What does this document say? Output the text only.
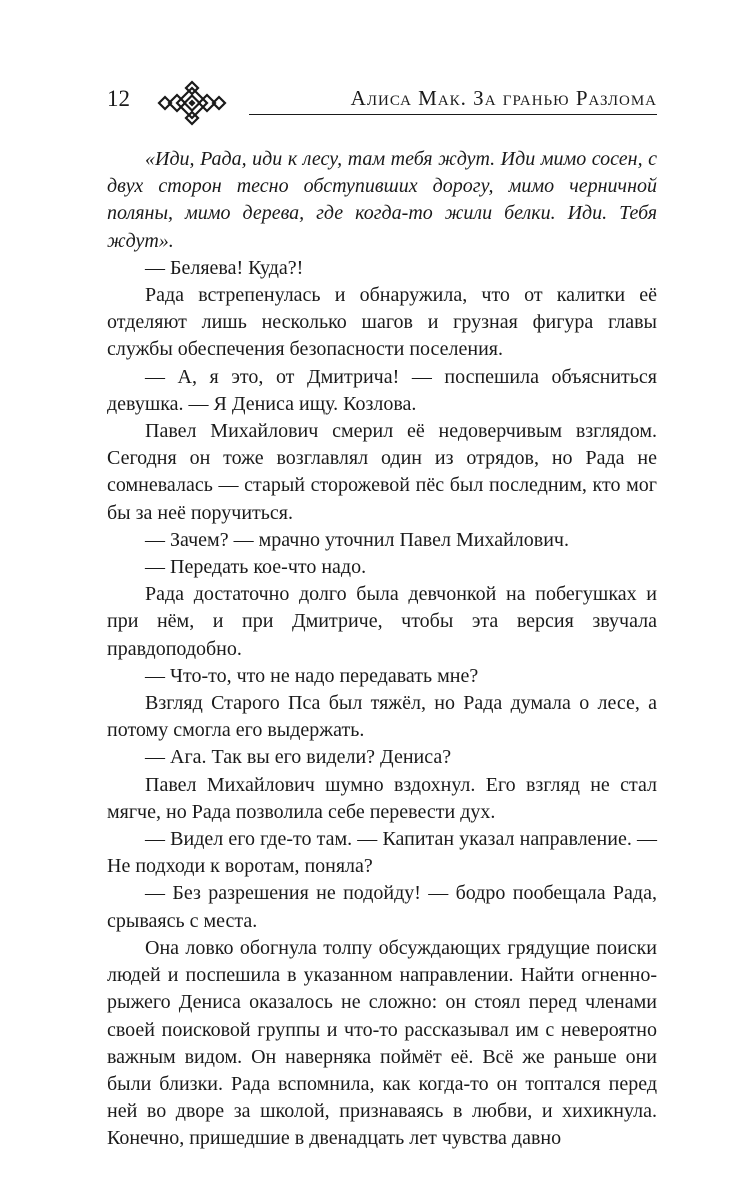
12	Алиса Мак. За гранью Разлома

«Иди, Рада, иди к лесу, там тебя ждут. Иди мимо сосен, с двух сторон тесно обступивших дорогу, мимо черничной поляны, мимо дерева, где когда-то жили белки. Иди. Тебя ждут».

— Беляева! Куда?!

Рада встрепенулась и обнаружила, что от калитки её отделяют лишь несколько шагов и грузная фигура главы службы обеспечения безопасности поселения.

— А, я это, от Дмитрича! — поспешила объясниться девушка. — Я Дениса ищу. Козлова.

Павел Михайлович смерил её недоверчивым взглядом. Сегодня он тоже возглавлял один из отрядов, но Рада не сомневалась — старый сторожевой пёс был последним, кто мог бы за неё поручиться.

— Зачем? — мрачно уточнил Павел Михайлович.

— Передать кое-что надо.

Рада достаточно долго была девчонкой на побегушках и при нём, и при Дмитриче, чтобы эта версия звучала правдоподобно.

— Что-то, что не надо передавать мне?

Взгляд Старого Пса был тяжёл, но Рада думала о лесе, а потому смогла его выдержать.

— Ага. Так вы его видели? Дениса?

Павел Михайлович шумно вздохнул. Его взгляд не стал мягче, но Рада позволила себе перевести дух.

— Видел его где-то там. — Капитан указал направление. — Не подходи к воротам, поняла?

— Без разрешения не подойду! — бодро пообещала Рада, срываясь с места.

Она ловко обогнула толпу обсуждающих грядущие поиски людей и поспешила в указанном направлении. Найти огненно-рыжего Дениса оказалось не сложно: он стоял перед членами своей поисковой группы и что-то рассказывал им с невероятно важным видом. Он наверняка поймёт её. Всё же раньше они были близки. Рада вспомнила, как когда-то он топтался перед ней во дворе за школой, признаваясь в любви, и хихикнула. Конечно, пришедшие в двенадцать лет чувства давно
